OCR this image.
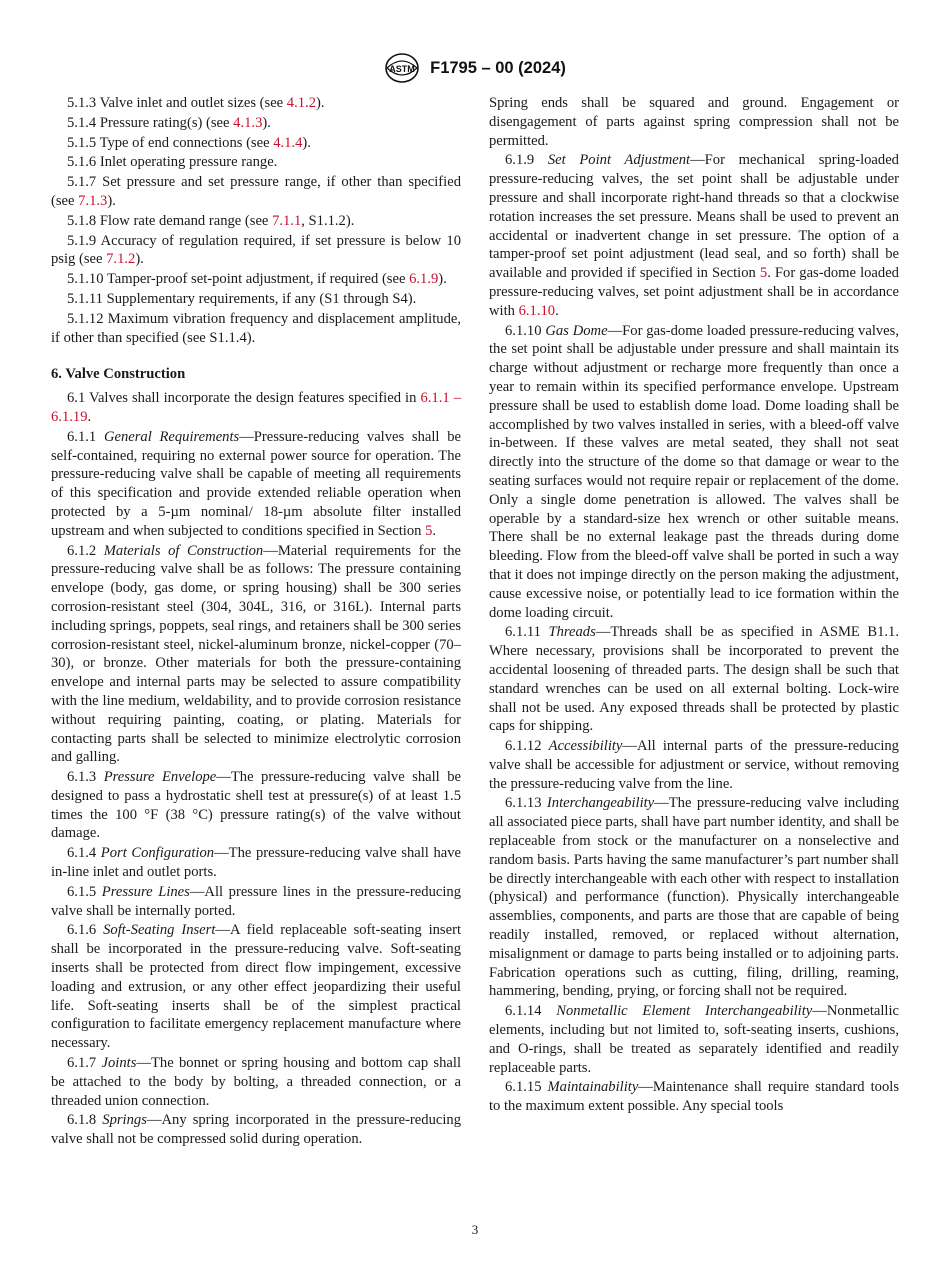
ASTM F1795 – 00 (2024)

5.1.3 Valve inlet and outlet sizes (see 4.1.2).

5.1.4 Pressure rating(s) (see 4.1.3).

5.1.5 Type of end connections (see 4.1.4).

5.1.6 Inlet operating pressure range.

5.1.7 Set pressure and set pressure range, if other than specified (see 7.1.3).

5.1.8 Flow rate demand range (see 7.1.1, S1.1.2).

5.1.9 Accuracy of regulation required, if set pressure is below 10 psig (see 7.1.2).

5.1.10 Tamper-proof set-point adjustment, if required (see 6.1.9).

5.1.11 Supplementary requirements, if any (S1 through S4).

5.1.12 Maximum vibration frequency and displacement amplitude, if other than specified (see S1.1.4).

6. Valve Construction

6.1 Valves shall incorporate the design features specified in 6.1.1 – 6.1.19.

6.1.1 General Requirements—Pressure-reducing valves shall be self-contained, requiring no external power source for operation. The pressure-reducing valve shall be capable of meeting all requirements of this specification and provide extended reliable operation when protected by a 5-µm nominal/ 18-µm absolute filter installed upstream and when subjected to conditions specified in Section 5.

6.1.2 Materials of Construction—Material requirements for the pressure-reducing valve shall be as follows: The pressure containing envelope (body, gas dome, or spring housing) shall be 300 series corrosion-resistant steel (304, 304L, 316, or 316L). Internal parts including springs, poppets, seal rings, and retainers shall be 300 series corrosion-resistant steel, nickel-aluminum bronze, nickel-copper (70–30), or bronze. Other materials for both the pressure-containing envelope and internal parts may be selected to assure compatibility with the line medium, weldability, and to provide corrosion resistance without requiring painting, coating, or plating. Materials for contacting parts shall be selected to minimize electrolytic corrosion and galling.

6.1.3 Pressure Envelope—The pressure-reducing valve shall be designed to pass a hydrostatic shell test at pressure(s) of at least 1.5 times the 100 °F (38 °C) pressure rating(s) of the valve without damage.

6.1.4 Port Configuration—The pressure-reducing valve shall have in-line inlet and outlet ports.

6.1.5 Pressure Lines—All pressure lines in the pressure-reducing valve shall be internally ported.

6.1.6 Soft-Seating Insert—A field replaceable soft-seating insert shall be incorporated in the pressure-reducing valve. Soft-seating inserts shall be protected from direct flow impingement, excessive loading and extrusion, or any other effect jeopardizing their useful life. Soft-seating inserts shall be of the simplest practical configuration to facilitate emergency replacement manufacture where necessary.

6.1.7 Joints—The bonnet or spring housing and bottom cap shall be attached to the body by bolting, a threaded connection, or a threaded union connection.

6.1.8 Springs—Any spring incorporated in the pressure-reducing valve shall not be compressed solid during operation.

Spring ends shall be squared and ground. Engagement or disengagement of parts against spring compression shall not be permitted.

6.1.9 Set Point Adjustment—For mechanical spring-loaded pressure-reducing valves, the set point shall be adjustable under pressure and shall incorporate right-hand threads so that a clockwise rotation increases the set pressure. Means shall be used to prevent an accidental or inadvertent change in set pressure. The option of a tamper-proof set point adjustment (lead seal, and so forth) shall be available and provided if specified in Section 5. For gas-dome loaded pressure-reducing valves, set point adjustment shall be in accordance with 6.1.10.

6.1.10 Gas Dome—For gas-dome loaded pressure-reducing valves, the set point shall be adjustable under pressure and shall maintain its charge without adjustment or recharge more frequently than once a year to remain within its specified performance envelope. Upstream pressure shall be used to establish dome load. Dome loading shall be accomplished by two valves installed in series, with a bleed-off valve in-between. If these valves are metal seated, they shall not seat directly into the structure of the dome so that damage or wear to the seating surfaces would not require repair or replacement of the dome. Only a single dome penetration is allowed. The valves shall be operable by a standard-size hex wrench or other suitable means. There shall be no external leakage past the threads during dome bleeding. Flow from the bleed-off valve shall be ported in such a way that it does not impinge directly on the person making the adjustment, cause excessive noise, or potentially lead to ice formation within the dome loading circuit.

6.1.11 Threads—Threads shall be as specified in ASME B1.1. Where necessary, provisions shall be incorporated to prevent the accidental loosening of threaded parts. The design shall be such that standard wrenches can be used on all external bolting. Lock-wire shall not be used. Any exposed threads shall be protected by plastic caps for shipping.

6.1.12 Accessibility—All internal parts of the pressure-reducing valve shall be accessible for adjustment or service, without removing the pressure-reducing valve from the line.

6.1.13 Interchangeability—The pressure-reducing valve including all associated piece parts, shall have part number identity, and shall be replaceable from stock or the manufacturer on a nonselective and random basis. Parts having the same manufacturer’s part number shall be directly interchangeable with each other with respect to installation (physical) and performance (function). Physically interchangeable assemblies, components, and parts are those that are capable of being readily installed, removed, or replaced without alternation, misalignment or damage to parts being installed or to adjoining parts. Fabrication operations such as cutting, filing, drilling, reaming, hammering, bending, prying, or forcing shall not be required.

6.1.14 Nonmetallic Element Interchangeability—Nonmetallic elements, including but not limited to, soft-seating inserts, cushions, and O-rings, shall be treated as separately identified and readily replaceable parts.

6.1.15 Maintainability—Maintenance shall require standard tools to the maximum extent possible. Any special tools

3
